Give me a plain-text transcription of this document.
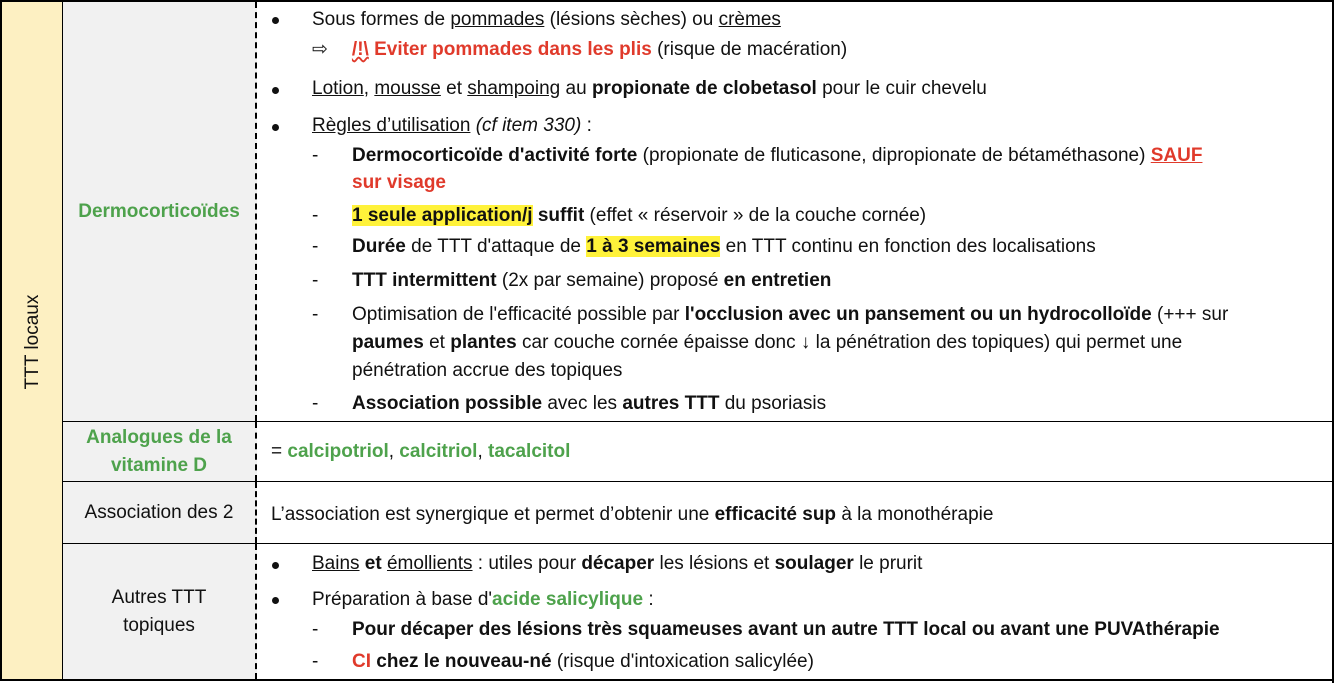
TTT locaux
Dermocorticoïdes
Sous formes de pommades (lésions sèches) ou crèmes
⇨ /!\ Eviter pommades dans les plis (risque de macération)
Lotion, mousse et shampoing au propionate de clobetasol pour le cuir chevelu
Règles d’utilisation (cf item 330) :
- Dermocorticoïde d'activité forte (propionate de fluticasone, dipropionate de bétaméthasone) SAUF
sur visage
- 1 seule application/j suffit (effet « réservoir » de la couche cornée)
- Durée de TTT d'attaque de 1 à 3 semaines en TTT continu en fonction des localisations
- TTT intermittent (2x par semaine) proposé en entretien
- Optimisation de l'efficacité possible par l'occlusion avec un pansement ou un hydrocolloïde (+++ sur
paumes et plantes car couche cornée épaisse donc ↓ la pénétration des topiques) qui permet une
pénétration accrue des topiques
- Association possible avec les autres TTT du psoriasis
Analogues de la
vitamine D
= calcipotriol, calcitriol, tacalcitol
Association des 2 L’association est synergique et permet d’obtenir une efficacité sup à la monothérapie
Autres TTT
topiques
Bains et émollients : utiles pour décaper les lésions et soulager le prurit
Préparation à base d'acide salicylique :
- Pour décaper des lésions très squameuses avant un autre TTT local ou avant une PUVAthérapie
- CI chez le nouveau-né (risque d'intoxication salicylée)
